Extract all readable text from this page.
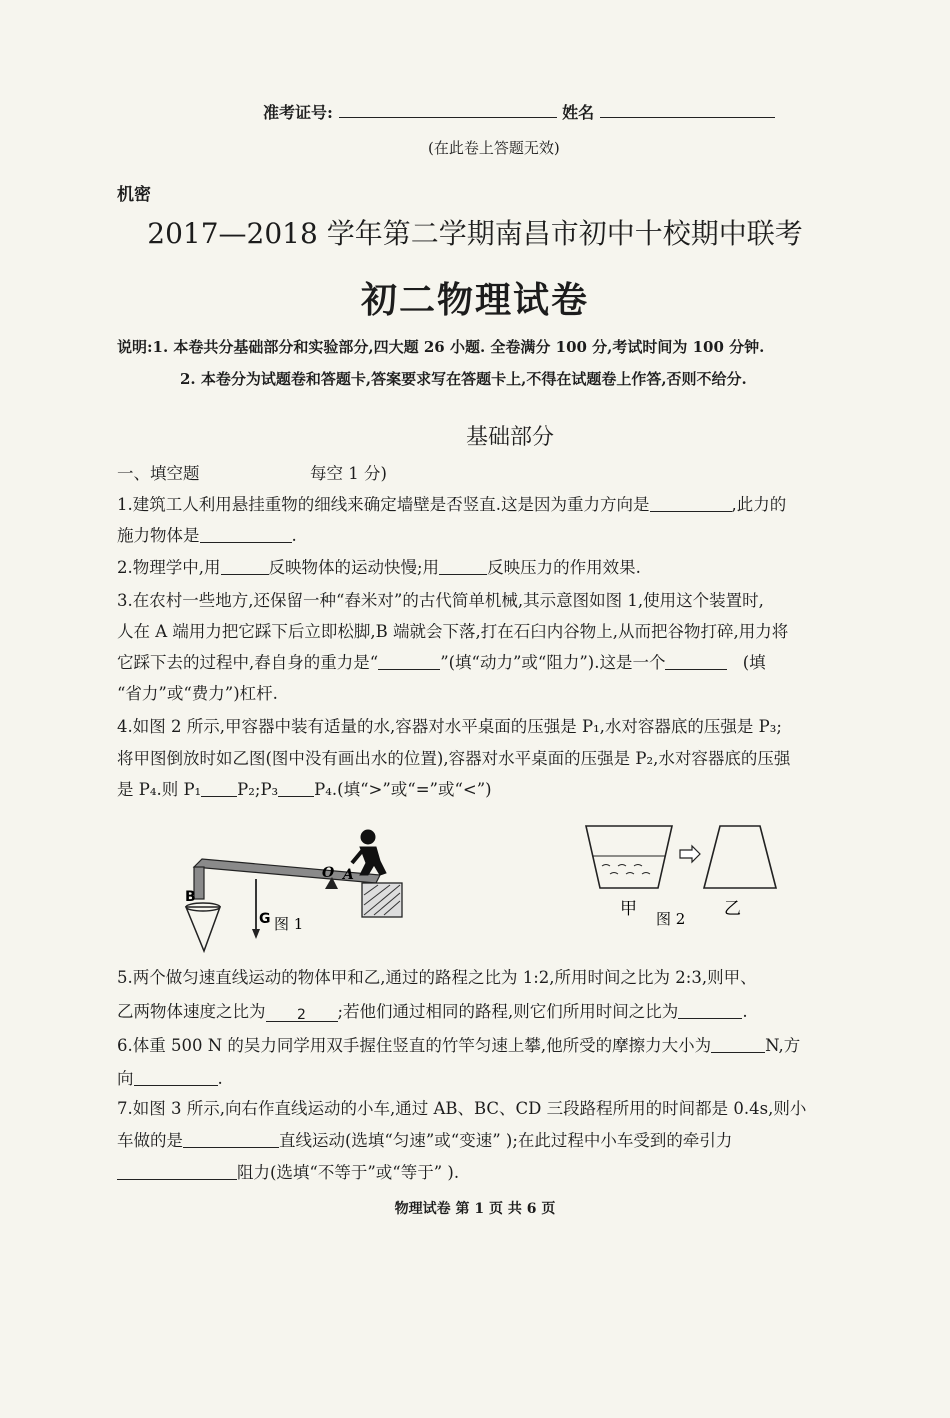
准考证号:	姓名
(在此卷上答题无效)
机密
2017—2018 学年第二学期南昌市初中十校期中联考
初二物理试卷
说明:1. 本卷共分基础部分和实验部分,四大题 26 小题. 全卷满分 100 分,考试时间为 100 分钟.
2. 本卷分为试题卷和答题卡,答案要求写在答题卡上,不得在试题卷上作答,否则不给分.
基础部分
一、填空题	每空 1 分)
1.建筑工人利用悬挂重物的细线来确定墙壁是否竖直.这是因为重力方向是	,此力的
施力物体是	.
2.物理学中,用	反映物体的运动快慢;用	反映压力的作用效果.
3.在农村一些地方,还保留一种“舂米对”的古代简单机械,其示意图如图 1,使用这个装置时,
人在 A 端用力把它踩下后立即松脚,B 端就会下落,打在石臼内谷物上,从而把谷物打碎,用力将
它踩下去的过程中,舂自身的重力是“	”(填“动力”或“阻力”).这是一个	(填
“省力”或“费力”)杠杆.
4.如图 2 所示,甲容器中装有适量的水,容器对水平桌面的压强是 P₁,水对容器底的压强是 P₃;
将甲图倒放时如乙图(图中没有画出水的位置),容器对水平桌面的压强是 P₂,水对容器底的压强
是 P₄.则 P₁ P₂;P₃ P₄.(填“>”或“=”或“<”)
B
O A
G 图 1
甲 图 2 乙
5.两个做匀速直线运动的物体甲和乙,通过的路程之比为 1:2,所用时间之比为 2:3,则甲、
乙两物体速度之比为 2 ;若他们通过相同的路程,则它们所用时间之比为	.
6.体重 500 N 的吴力同学用双手握住竖直的竹竿匀速上攀,他所受的摩擦力大小为	N,方
向	.
7.如图 3 所示,向右作直线运动的小车,通过 AB、BC、CD 三段路程所用的时间都是 0.4s,则小
车做的是	直线运动(选填“匀速”或“变速” );在此过程中小车受到的牵引力
阻力(选填“不等于”或“等于” ).
物理试卷 第 1 页 共 6 页
